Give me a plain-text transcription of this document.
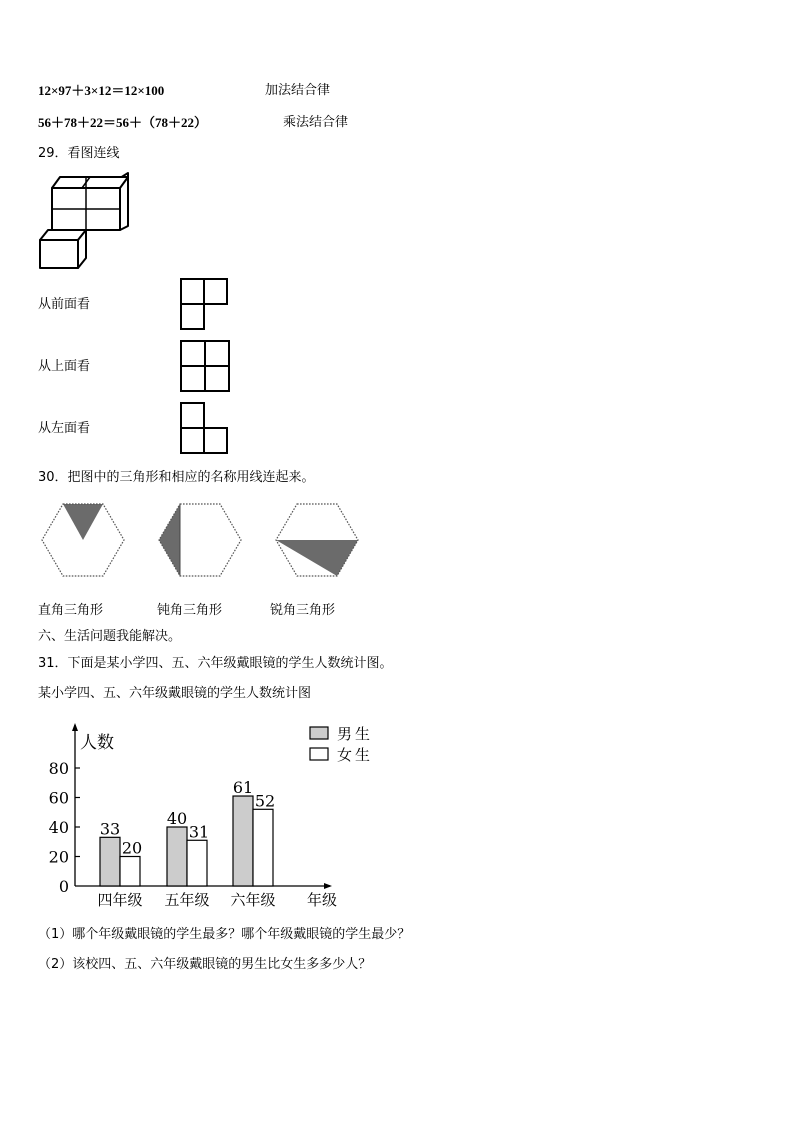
12×97＋3×12＝12×100	加法结合律
56＋78＋22＝56＋（78＋22）	乘法结合律
29．看图连线
从前面看
从上面看
从左面看
30．把图中的三角形和相应的名称用线连起来。
直角三角形	钝角三角形	锐角三角形
六、生活问题我能解决。
31．下面是某小学四、五、六年级戴眼镜的学生人数统计图。
某小学四、五、六年级戴眼镜的学生人数统计图
0
20
40
60
80
人数
33
20
四年级
40
31
五年级
61
52
六年级 年级
男生
女生
（1）哪个年级戴眼镜的学生最多？哪个年级戴眼镜的学生最少？
（2）该校四、五、六年级戴眼镜的男生比女生多多少人？
